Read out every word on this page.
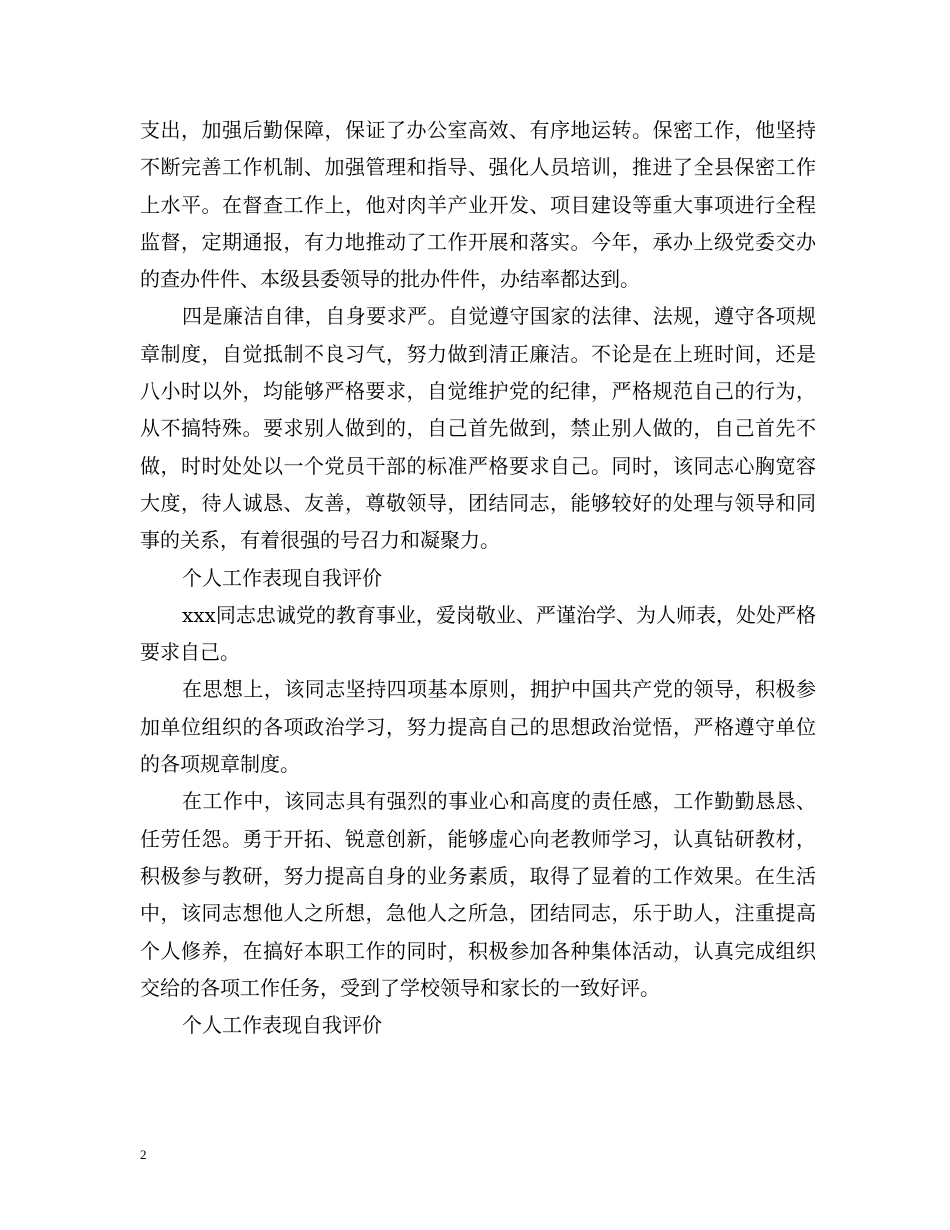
支出，加强后勤保障，保证了办公室高效、有序地运转。保密工作，他坚持不断完善工作机制、加强管理和指导、强化人员培训，推进了全县保密工作上水平。在督查工作上，他对肉羊产业开发、项目建设等重大事项进行全程监督，定期通报，有力地推动了工作开展和落实。今年，承办上级党委交办的查办件件、本级县委领导的批办件件，办结率都达到。

四是廉洁自律，自身要求严。自觉遵守国家的法律、法规，遵守各项规章制度，自觉抵制不良习气，努力做到清正廉洁。不论是在上班时间，还是八小时以外，均能够严格要求，自觉维护党的纪律，严格规范自己的行为，从不搞特殊。要求别人做到的，自己首先做到，禁止别人做的，自己首先不做，时时处处以一个党员干部的标准严格要求自己。同时，该同志心胸宽容大度，待人诚恳、友善，尊敬领导，团结同志，能够较好的处理与领导和同事的关系，有着很强的号召力和凝聚力。

个人工作表现自我评价

xxx同志忠诚党的教育事业，爱岗敬业、严谨治学、为人师表，处处严格要求自己。

在思想上，该同志坚持四项基本原则，拥护中国共产党的领导，积极参加单位组织的各项政治学习，努力提高自己的思想政治觉悟，严格遵守单位的各项规章制度。

在工作中，该同志具有强烈的事业心和高度的责任感，工作勤勤恳恳、任劳任怨。勇于开拓、锐意创新，能够虚心向老教师学习，认真钻研教材，积极参与教研，努力提高自身的业务素质，取得了显着的工作效果。在生活中，该同志想他人之所想，急他人之所急，团结同志，乐于助人，注重提高个人修养，在搞好本职工作的同时，积极参加各种集体活动，认真完成组织交给的各项工作任务，受到了学校领导和家长的一致好评。

个人工作表现自我评价

2
